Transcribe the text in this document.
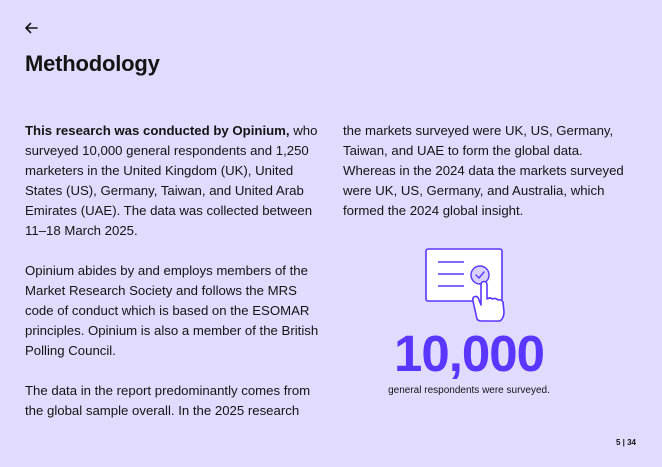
Methodology

This research was conducted by Opinium, who surveyed 10,000 general respondents and 1,250 marketers in the United Kingdom (UK), United States (US), Germany, Taiwan, and United Arab Emirates (UAE). The data was collected between 11–18 March 2025.

Opinium abides by and employs members of the Market Research Society and follows the MRS code of conduct which is based on the ESOMAR principles. Opinium is also a member of the British Polling Council.

The data in the report predominantly comes from the global sample overall. In the 2025 research

the markets surveyed were UK, US, Germany, Taiwan, and UAE to form the global data. Whereas in the 2024 data the markets surveyed were UK, US, Germany, and Australia, which formed the 2024 global insight.

10,000
general respondents were surveyed.
5 | 34
